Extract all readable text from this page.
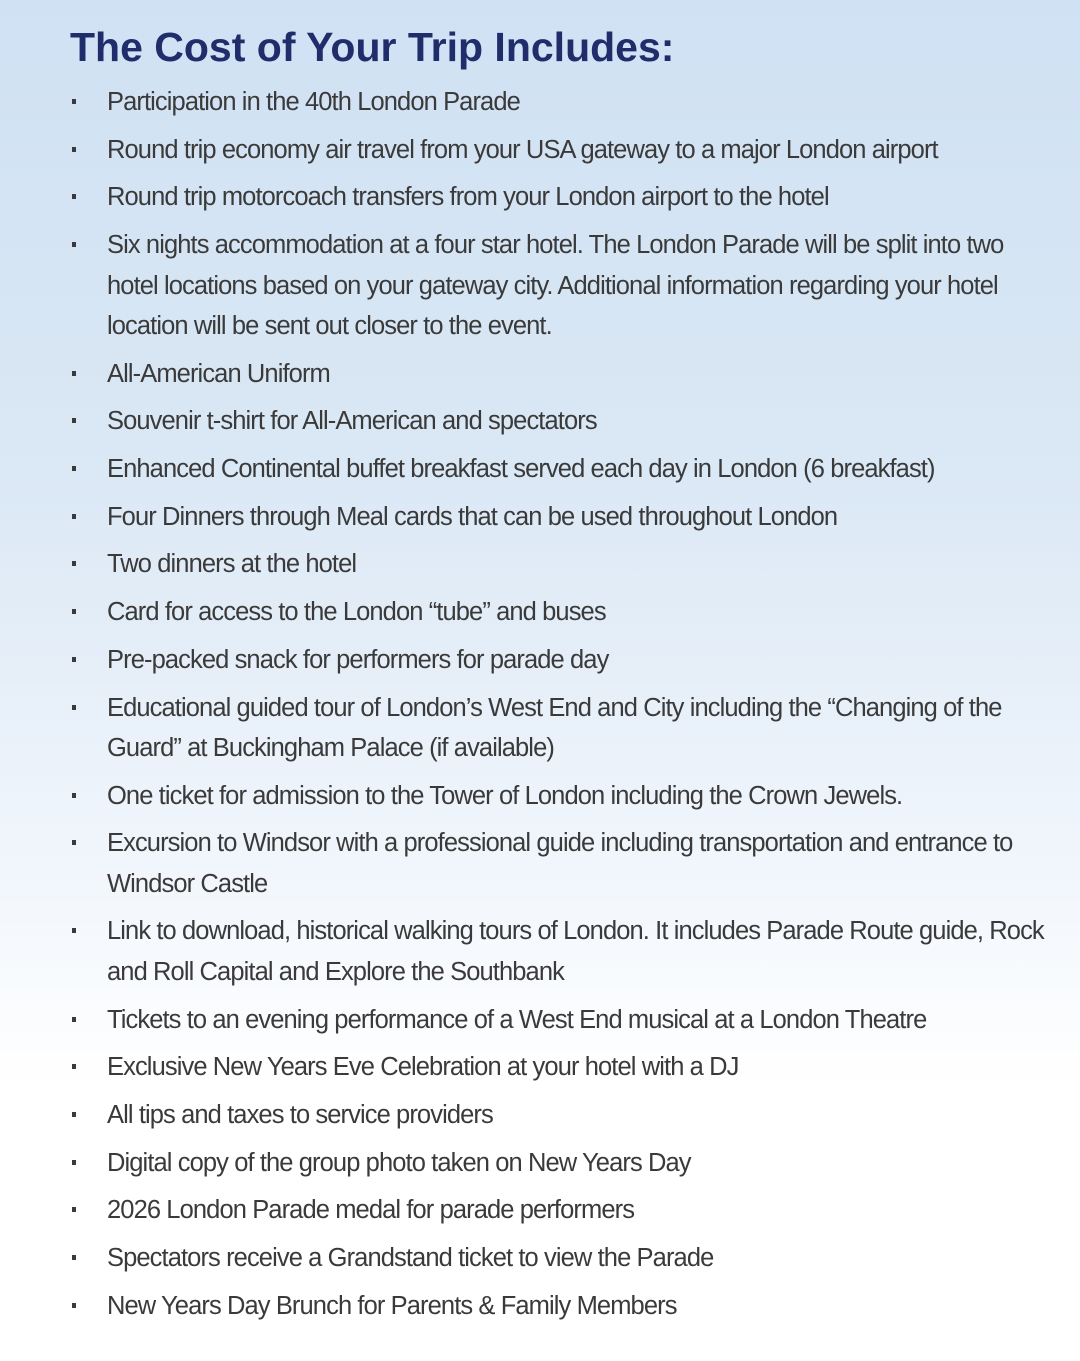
The Cost of Your Trip Includes:
Participation in the 40th London Parade
Round trip economy air travel from your USA gateway to a major London airport
Round trip motorcoach transfers from your London airport to the hotel
Six nights accommodation at a four star hotel. The London Parade will be split into two hotel locations based on your gateway city. Additional information regarding your hotel location will be sent out closer to the event.
All-American Uniform
Souvenir t-shirt for All-American and spectators
Enhanced Continental buffet breakfast served each day in London (6 breakfast)
Four Dinners through Meal cards that can be used throughout London
Two dinners at the hotel
Card for access to the London “tube” and buses
Pre-packed snack for performers for parade day
Educational guided tour of London’s West End and City including the “Changing of the Guard” at Buckingham Palace (if available)
One ticket for admission to the Tower of London including the Crown Jewels.
Excursion to Windsor with a professional guide including transportation and entrance to Windsor Castle
Link to download, historical walking tours of London. It includes Parade Route guide, Rock and Roll Capital and Explore the Southbank
Tickets to an evening performance of a West End musical at a London Theatre
Exclusive New Years Eve Celebration at your hotel with a DJ
All tips and taxes to service providers
Digital copy of the group photo taken on New Years Day
2026 London Parade medal for parade performers
Spectators receive a Grandstand ticket to view the Parade
New Years Day Brunch for Parents & Family Members
